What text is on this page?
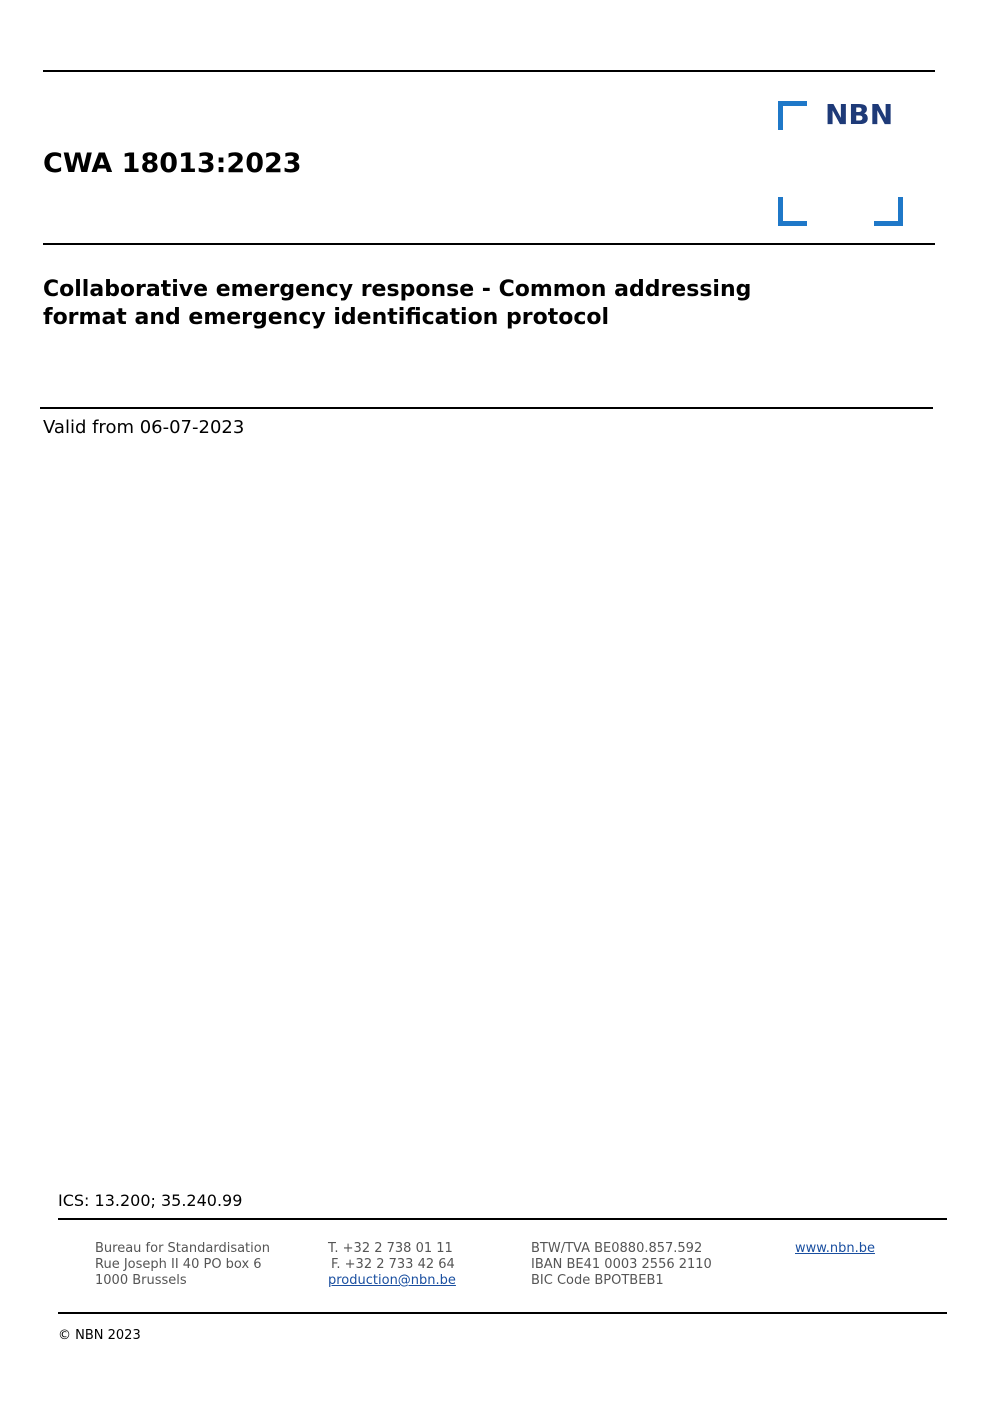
CWA 18013:2023
NBN
Collaborative emergency response - Common addressing
format and emergency identification protocol
Valid from 06-07-2023
ICS: 13.200; 35.240.99
Bureau for Standardisation
Rue Joseph II 40 PO box 6
1000 Brussels
T. +32 2 738 01 11
F. +32 2 733 42 64
production@nbn.be
BTW/TVA BE0880.857.592
IBAN BE41 0003 2556 2110
BIC Code BPOTBEB1
www.nbn.be
© NBN 2023
